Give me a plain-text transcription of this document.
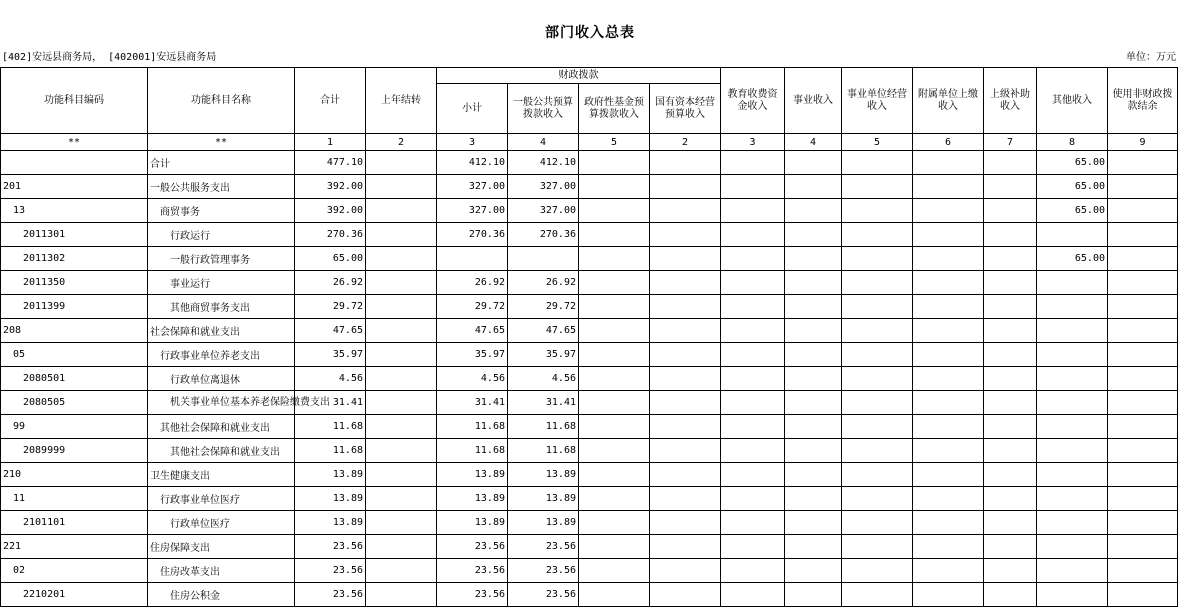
部门收入总表
[402]安远县商务局， [402001]安远县商务局	单位：万元
功能科目编码	功能科目名称	合计	上年结转	财政拨款				教育收费资金收入	事业收入	事业单位经营收入	附属单位上缴收入	上级补助收入	其他收入	使用非财政拨款结余
				小计	一般公共预算拨款收入	政府性基金预算拨款收入	国有资本经营预算收入							
**	**	1	2	3	4	5	2	3	4	5	6	7	8	9
	合计	477.10		412.10	412.10								65.00	
201	一般公共服务支出	392.00		327.00	327.00								65.00	
13	商贸事务	392.00		327.00	327.00								65.00	
2011301	行政运行	270.36		270.36	270.36									
2011302	一般行政管理事务	65.00											65.00	
2011350	事业运行	26.92		26.92	26.92									
2011399	其他商贸事务支出	29.72		29.72	29.72									
208	社会保障和就业支出	47.65		47.65	47.65									
05	行政事业单位养老支出	35.97		35.97	35.97									
2080501	行政单位离退休	4.56		4.56	4.56									
2080505	机关事业单位基本养老保险缴费支出	31.41		31.41	31.41									
99	其他社会保障和就业支出	11.68		11.68	11.68									
2089999	其他社会保障和就业支出	11.68		11.68	11.68									
210	卫生健康支出	13.89		13.89	13.89									
11	行政事业单位医疗	13.89		13.89	13.89									
2101101	行政单位医疗	13.89		13.89	13.89									
221	住房保障支出	23.56		23.56	23.56									
02	住房改革支出	23.56		23.56	23.56									
2210201	住房公积金	23.56		23.56	23.56									
